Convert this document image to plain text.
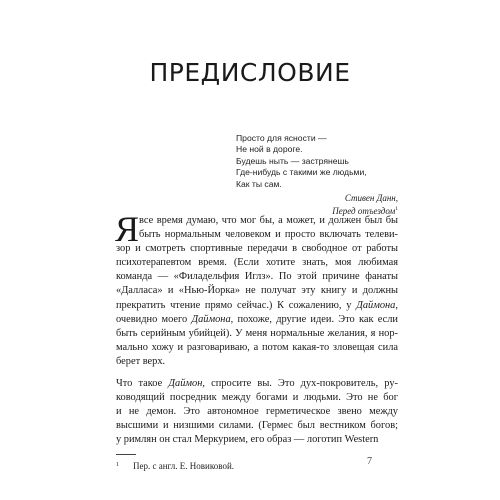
ПРЕДИСЛОВИЕ
Просто для ясности —
Не ной в дороге.
Будешь ныть — застрянешь
Где-нибудь с такими же людьми,
Как ты сам.
Стивен Данн,
Перед отъездом$^1$
Я все время думаю, что мог бы, а может, и должен был бы
быть нормальным человеком и просто включать телеви-
зор и смотреть спортивные передачи в свободное от работы
психотерапевтом время. (Если хотите знать, моя любимая
команда — «Филадельфия Иглз». По этой причине фанаты
«Далласа» и «Нью-Йорка» не получат эту книгу и должны
прекратить чтение прямо сейчас.) К сожалению, у Даймона,
очевидно моего Даймона, похоже, другие идеи. Это как если
быть серийным убийцей). У меня нормальные желания, я нор-
мально хожу и разговариваю, а потом какая-то зловещая сила
берет верх.
Что такое Даймон, спросите вы. Это дух-покровитель, ру-
ководящий посредник между богами и людьми. Это не бог
и не демон. Это автономное герметическое звено между
высшими и низшими силами. (Гермес был вестником богов;
у римлян он стал Меркурием, его образ — логотип Western
$^1$ Пер. с англ. Е. Новиковой.	7
